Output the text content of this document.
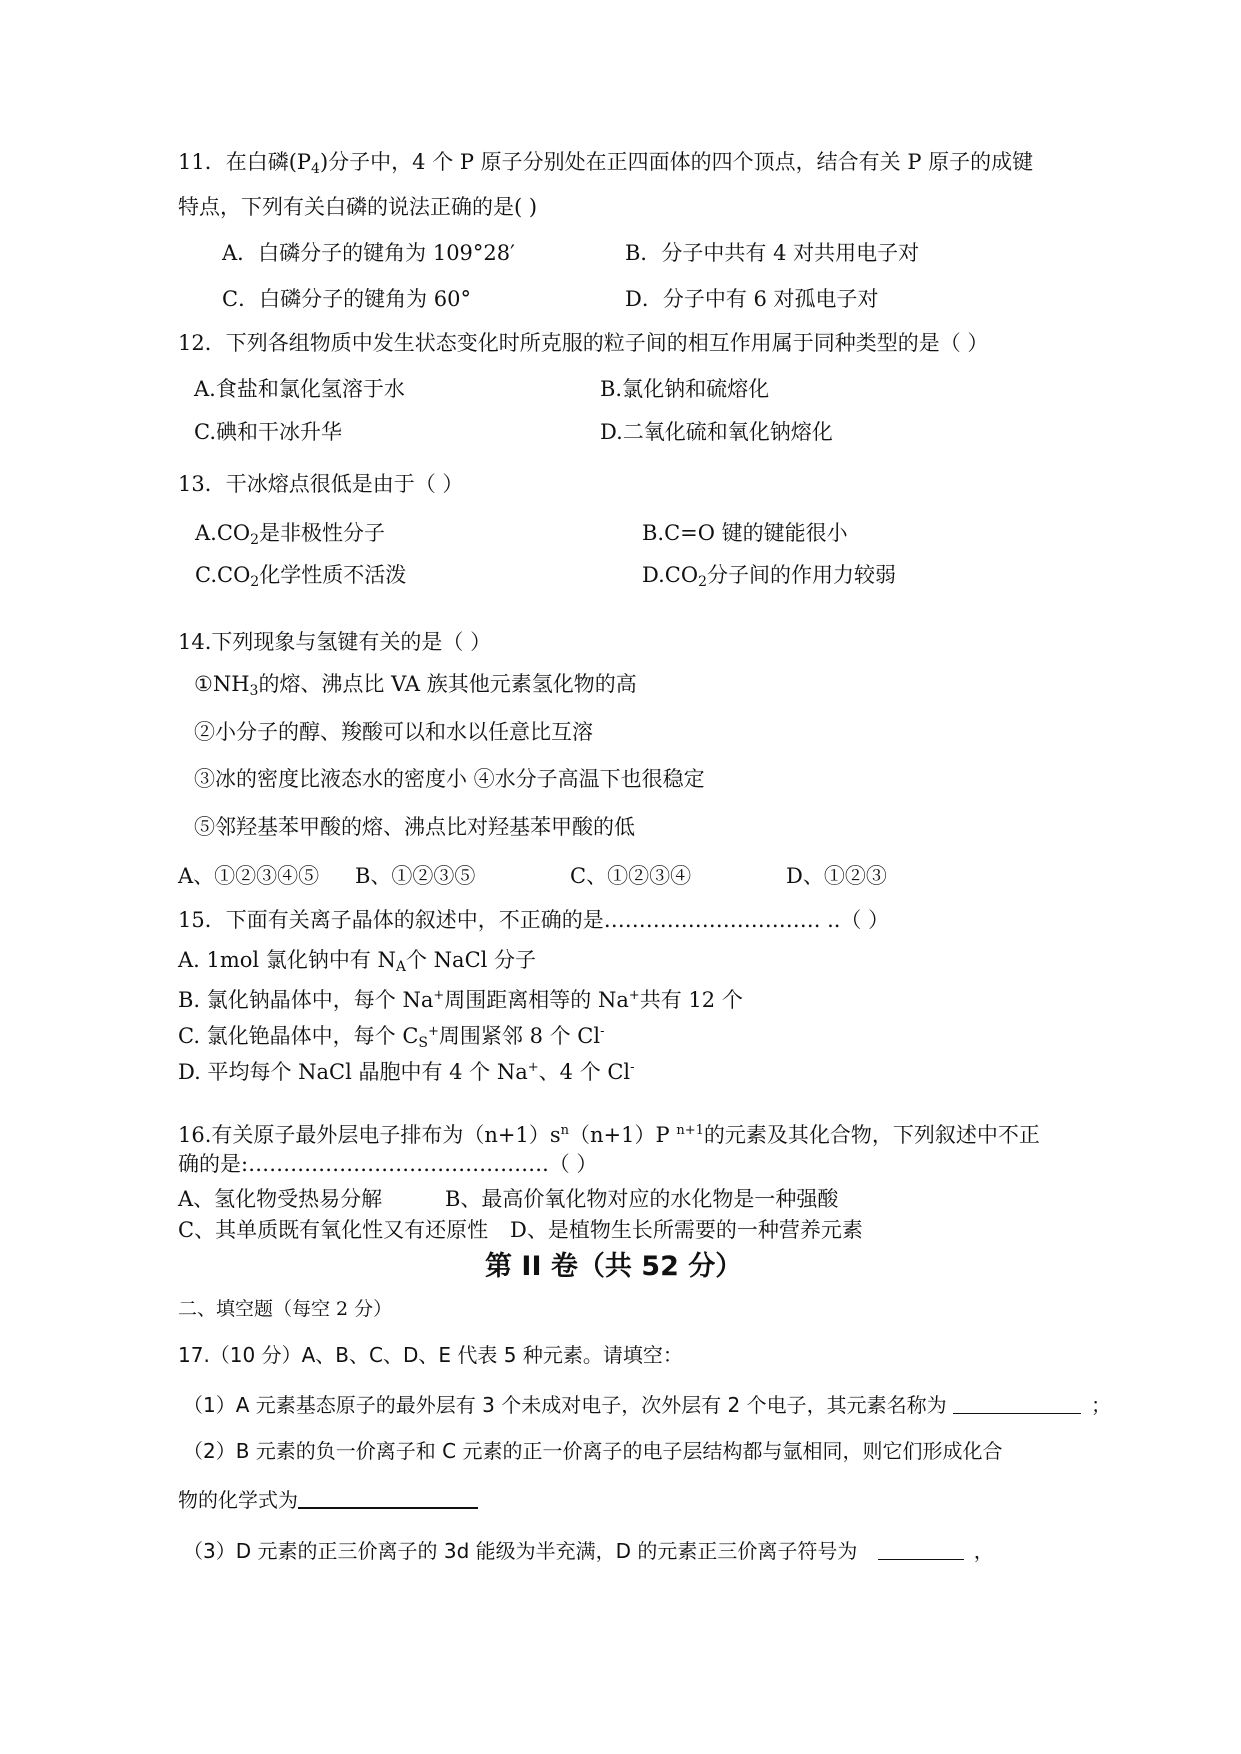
11．在白磷(P4)分子中，4 个 P 原子分别处在正四面体的四个顶点，结合有关 P 原子的成键
特点，下列有关白磷的说法正确的是( )
A．白磷分子的键角为 109°28′	B．分子中共有 4 对共用电子对
C．白磷分子的键角为 60°	D．分子中有 6 对孤电子对
12．下列各组物质中发生状态变化时所克服的粒子间的相互作用属于同种类型的是（ ）
A.食盐和氯化氢溶于水	B.氯化钠和硫熔化
C.碘和干冰升华	D.二氧化硫和氧化钠熔化
13．干冰熔点很低是由于（ ）
A.CO2是非极性分子	B.C=O 键的键能很小
C.CO2化学性质不活泼	D.CO2分子间的作用力较弱
14.下列现象与氢键有关的是（ ）
①NH3的熔、沸点比 VA 族其他元素氢化物的高
②小分子的醇、羧酸可以和水以任意比互溶
③冰的密度比液态水的密度小 ④水分子高温下也很稳定
⑤邻羟基苯甲酸的熔、沸点比对羟基苯甲酸的低
A、①②③④⑤ B、①②③⑤	C、①②③④	D、①②③
15．下面有关离子晶体的叙述中，不正确的是…………………………. ..（ ）
A. 1mol 氯化钠中有 NA个 NaCl 分子
B. 氯化钠晶体中，每个 Na+周围距离相等的 Na+共有 12 个
C. 氯化铯晶体中，每个 CS+周围紧邻 8 个 Cl-
D. 平均每个 NaCl 晶胞中有 4 个 Na+、4 个 Cl-
16.有关原子最外层电子排布为$(n+1)s^n(n+1)P$ $^{n+1}$的元素及其化合物，下列叙述中不正
确的是:…………………………………….（ ）
A、氢化物受热易分解	B、最高价氧化物对应的水化物是一种强酸
C、其单质既有氧化性又有还原性 D、是植物生长所需要的一种营养元素
第 II 卷（共 52 分）
二、填空题（每空 2 分）
17.（10 分）A、B、C、D、E 代表 5 种元素。请填空：
（1）A 元素基态原子的最外层有 3 个未成对电子，次外层有 2 个电子，其元素名称为	；
（2）B 元素的负一价离子和 C 元素的正一价离子的电子层结构都与氩相同，则它们形成化合
物的化学式为
（3）D 元素的正三价离子的 3d 能级为半充满，D 的元素正三价离子符号为	，
